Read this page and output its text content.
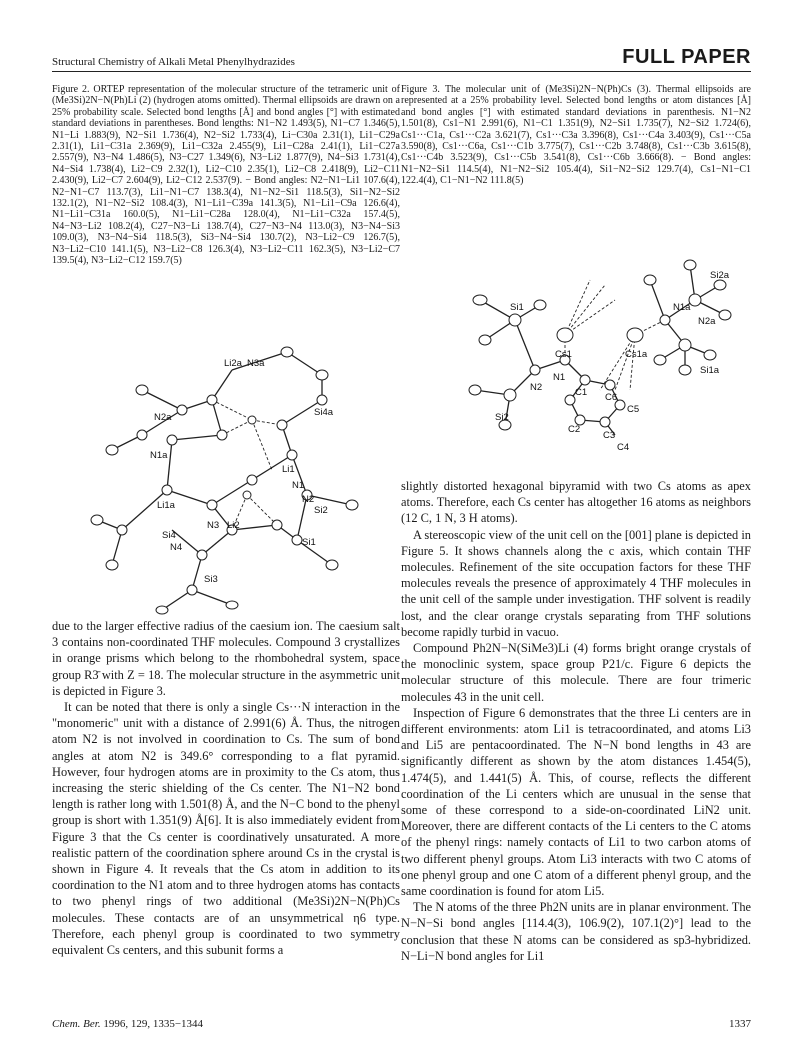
Structural Chemistry of Alkali Metal Phenylhydrazides	FULL PAPER
Figure 2. ORTEP representation of the molecular structure of the tetrameric unit of (Me3Si)2N−N(Ph)Li (2) (hydrogen atoms omitted). Thermal ellipsoids are drawn on a 25% probability scale. Selected bond lengths [Å] and bond angles [°] with estimated standard deviations in parentheses. Bond lengths: N1−N2 1.493(5), N1−C7 1.346(5), N1−Li 1.883(9), N2−Si1 1.736(4), N2−Si2 1.733(4), Li−C30a 2.31(1), Li1−C29a 2.31(1), Li1−C31a 2.369(9), Li1−C32a 2.455(9), Li1−C28a 2.41(1), Li1−C27a 2.557(9), N3−N4 1.486(5), N3−C27 1.349(6), N3−Li2 1.877(9), N4−Si3 1.731(4), N4−Si4 1.738(4), Li2−C9 2.32(1), Li2−C10 2.35(1), Li2−C8 2.418(9), Li2−C11 2.430(9), Li2−C7 2.604(9), Li2−C12 2.537(9). − Bond angles: N2−N1−Li1 107.6(4), N2−N1−C7 113.7(3), Li1−N1−C7 138.3(4), N1−N2−Si1 118.5(3), Si1−N2−Si2 132.1(2), N1−N2−Si2 108.4(3), N1−Li1−C39a 141.3(5), N1−Li1−C9a 126.6(4), N1−Li1−C31a 160.0(5), N1−Li1−C28a 128.0(4), N1−Li1−C32a 157.4(5), N4−N3−Li2 108.2(4), C27−N3−Li 138.7(4), C27−N3−N4 113.0(3), N3−N4−Si3 109.0(3), N3−N4−Si4 118.5(3), Si3−N4−Si4 130.7(2), N3−Li2−C9 126.7(5), N3−Li2−C10 141.1(5), N3−Li2−C8 126.3(4), N3−Li2−C11 162.3(5), N3−Li2−C7 139.5(4), N3−Li2−C12 159.7(5)
Li2a N3a
Si4a
N2a
N1a
Li1a
Li1
N1
N2
Si2
N3 Li2
Si4
N4	Si1
Si3

due to the larger effective radius of the caesium ion. The caesium salt 3 contains non-coordinated THF molecules. Compound 3 crystallizes in orange prisms which belong to the rhombohedral system, space group R3̄ with Z = 18. The molecular structure in the asymmetric unit is depicted in Figure 3.

It can be noted that there is only a single Cs···N interaction in the "monomeric" unit with a distance of 2.991(6) Å. Thus, the nitrogen atom N2 is not involved in coordination to Cs. The sum of bond angles at atom N2 is 349.6° corresponding to a flat pyramid. However, four hydrogen atoms are in proximity to the Cs atom, thus increasing the steric shielding of the Cs center. The N1−N2 bond length is rather long with 1.501(8) Å, and the N−C bond to the phenyl group is short with 1.351(9) Å[6]. It is also immediately evident from Figure 3 that the Cs center is coordinatively unsaturated. A more realistic pattern of the coordination sphere around Cs in the crystal is shown in Figure 4. It reveals that the Cs atom in addition to its coordination to the N1 atom and to three hydrogen atoms has contacts to two phenyl rings of two additional (Me3Si)2N−N(Ph)Cs molecules. These contacts are of an unsymmetrical η6 type. Therefore, each phenyl group is coordinated to two symmetry equivalent Cs centers, and this subunit forms a

Figure 3. The molecular unit of (Me3Si)2N−N(Ph)Cs (3). Thermal ellipsoids are represented at a 25% probability level. Selected bond lengths or atom distances [Å] and bond angles [°] with estimated standard deviations in parenthesis. N1−N2 1.501(8), Cs1−N1 2.991(6), N1−C1 1.351(9), N2−Si1 1.735(7), N2−Si2 1.724(6), Cs1···C1a, Cs1···C2a 3.621(7), Cs1···C3a 3.396(8), Cs1···C4a 3.403(9), Cs1···C5a 3.590(8), Cs1···C6a, Cs1···C1b 3.775(7), Cs1···C2b 3.748(8), Cs1···C3b 3.615(8), Cs1···C4b 3.523(9), Cs1···C5b 3.541(8), Cs1···C6b 3.666(8). − Bond angles: N1−N2−Si1 114.5(4), N1−N2−Si2 105.4(4), Si1−N2−Si2 129.7(4), Cs1−N1−C1 122.4(4), C1−N1−N2 111.8(5)
Si2a
N1a
N2a
Si1
Cs1	Cs1a
Si1a
N2
N1
C1
Si2
C6
C5
C2
C3
C4

slightly distorted hexagonal bipyramid with two Cs atoms as apex atoms. Therefore, each Cs center has altogether 16 atoms as neighbors (12 C, 1 N, 3 H atoms).

A stereoscopic view of the unit cell on the [001] plane is depicted in Figure 5. It shows channels along the c axis, which contain THF molecules. Refinement of the site occupation factors for these THF molecules reveals the presence of approximately 4 THF molecules in the unit cell of the sample under investigation. THF solvent is readily lost, and the clear orange crystals separating from THF solutions become rapidly turbid in vacuo.

Compound Ph2N−N(SiMe3)Li (4) forms bright orange crystals of the monoclinic system, space group P21/c. Figure 6 depicts the molecular structure of this molecule. There are four trimeric molecules 43 in the unit cell.

Inspection of Figure 6 demonstrates that the three Li centers are in different environments: atom Li1 is tetracoordinated, and atoms Li3 and Li5 are pentacoordinated. The N−N bond lengths in 43 are significantly different as shown by the atom distances 1.454(5), 1.474(5), and 1.441(5) Å. This, of course, reflects the different coordination of the Li centers which are unusual in the sense that some of these correspond to a side-on-coordinated LiN2 unit. Moreover, there are different contacts of the Li centers to the C atoms of the phenyl rings: namely contacts of Li1 to two carbon atoms of two different phenyl groups. Atom Li3 interacts with two C atoms of one phenyl group and one C atom of a different phenyl group, and the same coordination is found for atom Li5.

The N atoms of the three Ph2N units are in planar environment. The N−N−Si bond angles [114.4(3), 106.9(2), 107.1(2)°] lead to the conclusion that these N atoms can be considered as sp3-hybridized. N−Li−N bond angles for Li1

Chem. Ber. 1996, 129, 1335−1344	1337
